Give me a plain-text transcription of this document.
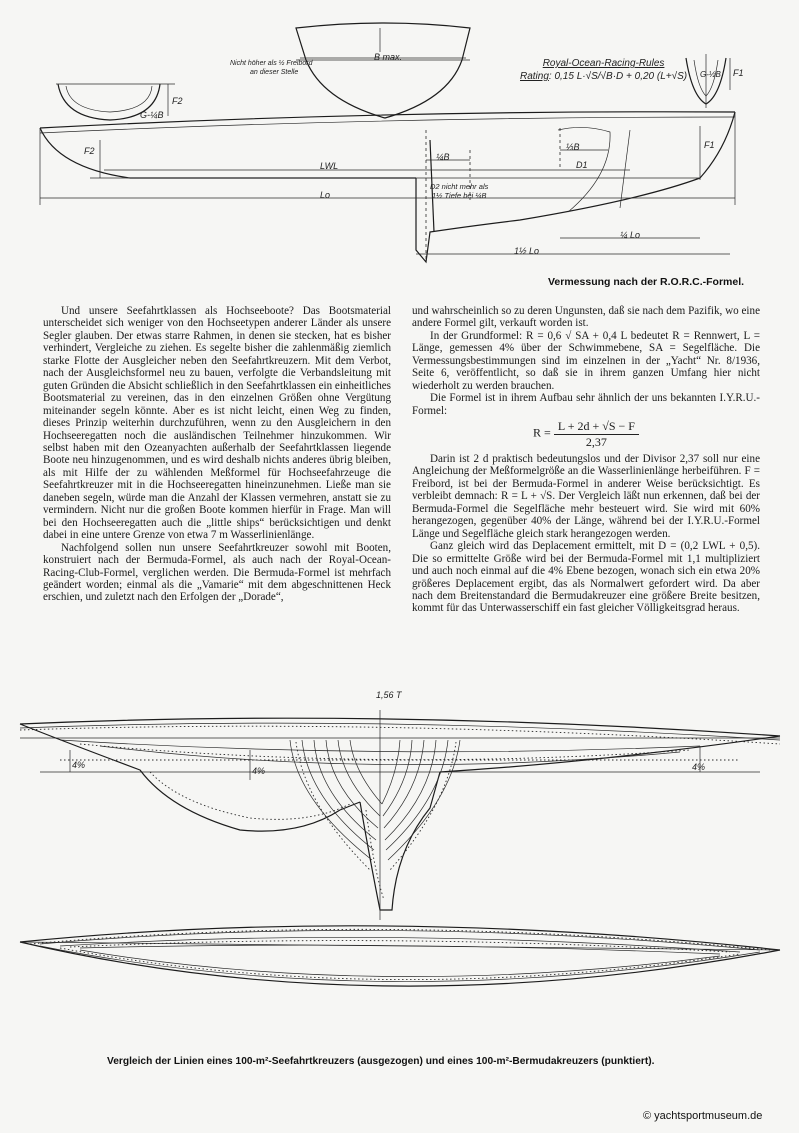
B max.
Nicht höher als ½ Freibord
an dieser Stelle
G-¼B
F2
G-½B F1
F2
F1
LWL
Lo
¼B
⅓B
D1
D2 nicht mehr als
1½ Tiefe bei ¼B
¼ Lo
1½ Lo
Royal-Ocean-Racing-Rules
Rating: 0,15 L·√S/√B·D + 0,20 (L+√S)
Vermessung nach der R.O.R.C.-Formel.

Und unsere Seefahrtklassen als Hochseeboote? Das Bootsmaterial unterscheidet sich weniger von den Hochseetypen anderer Länder als unsere Segler glauben. Der etwas starre Rahmen, in denen sie stecken, hat es bisher verhindert, Vergleiche zu ziehen. Es segelte bisher die zahlenmäßig ziemlich starke Flotte der Ausgleicher neben den Seefahrtkreuzern. Mit dem Verbot, nach der Ausgleichsformel neu zu bauen, verfolgte die Verbandsleitung mit guten Gründen die Absicht schließlich in den Seefahrtklassen ein einheitliches Bootsmaterial zu vereinen, das in den einzelnen Größen ohne Vergütung miteinander segeln könnte. Aber es ist nicht leicht, einen Weg zu finden, dieses Prinzip weiterhin durchzuführen, wenn zu den Ausgleichern in den Hochseeregatten noch die ausländischen Teilnehmer hinzukommen. Wir selbst haben mit den Ozeanyachten außerhalb der Seefahrtklassen liegende Boote neu hinzugenommen, und es wird deshalb nichts anderes übrig bleiben, als mit Hilfe der zu wählenden Meßformel für Hochseefahrzeuge die Seefahrtkreuzer mit in die Hochseeregatten hineinzunehmen. Ließe man sie daneben segeln, würde man die Anzahl der Klassen vermehren, anstatt sie zu vermindern. Nicht nur die großen Boote kommen hierfür in Frage. Man will bei den Hochseeregatten auch die „little ships“ berücksichtigen und denkt dabei in eine untere Grenze von etwa 7 m Wasserlinienlänge.

Nachfolgend sollen nun unsere Seefahrtkreuzer sowohl mit Booten, konstruiert nach der Bermuda-Formel, als auch nach der Royal-Ocean-Racing-Club-Formel, verglichen werden. Die Bermuda-Formel ist mehrfach geändert worden; einmal als die „Vamarie“ mit dem abgeschnittenen Heck erschien, und zuletzt nach den Erfolgen der „Dorade“,

und wahrscheinlich so zu deren Ungunsten, daß sie nach dem Pazifik, wo eine andere Formel gilt, verkauft worden ist.

In der Grundformel: R = 0,6 √ SA + 0,4 L bedeutet R = Rennwert, L = Länge, gemessen 4% über der Schwimmebene, SA = Segelfläche. Die Vermessungsbestimmungen sind im einzelnen in der „Yacht“ Nr. 8/1936, Seite 6, veröffentlicht, so daß sie in ihrem ganzen Umfang hier nicht wiederholt zu werden brauchen.

Die Formel ist in ihrem Aufbau sehr ähnlich der uns bekannten I.Y.R.U.-Formel:

$R = \frac{L + 2d + √S - F}{2,37}$

Darin ist 2 d praktisch bedeutungslos und der Divisor 2,37 soll nur eine Angleichung der Meßformelgröße an die Wasserlinienlänge herbeiführen. F = Freibord, ist bei der Bermuda-Formel in anderer Weise berücksichtigt. Es verbleibt demnach: R = L + √S. Der Vergleich läßt nun erkennen, daß bei der Bermuda-Formel die Segelfläche mehr besteuert wird. Sie wird mit 60% herangezogen, gegenüber 40% der Länge, während bei der I.Y.R.U.-Formel Länge und Segelfläche gleich stark herangezogen werden.

Ganz gleich wird das Deplacement ermittelt, mit D = (0,2 LWL + 0,5). Die so ermittelte Größe wird bei der Bermuda-Formel mit 1,1 multipliziert und auch noch einmal auf die 4% Ebene bezogen, wonach sich ein etwa 20% größeres Deplacement ergibt, das als Normalwert gefordert wird. Da aber nach dem Breitenstandard die Bermudakreuzer eine größere Breite besitzen, kommt für das Unterwasserschiff ein fast gleicher Völligkeitsgrad heraus.

1,56 T
4%
4%	4%
Vergleich der Linien eines 100-m²-Seefahrtkreuzers (ausgezogen) und eines 100-m²-Bermudakreuzers (punktiert).
© yachtsportmuseum.de
